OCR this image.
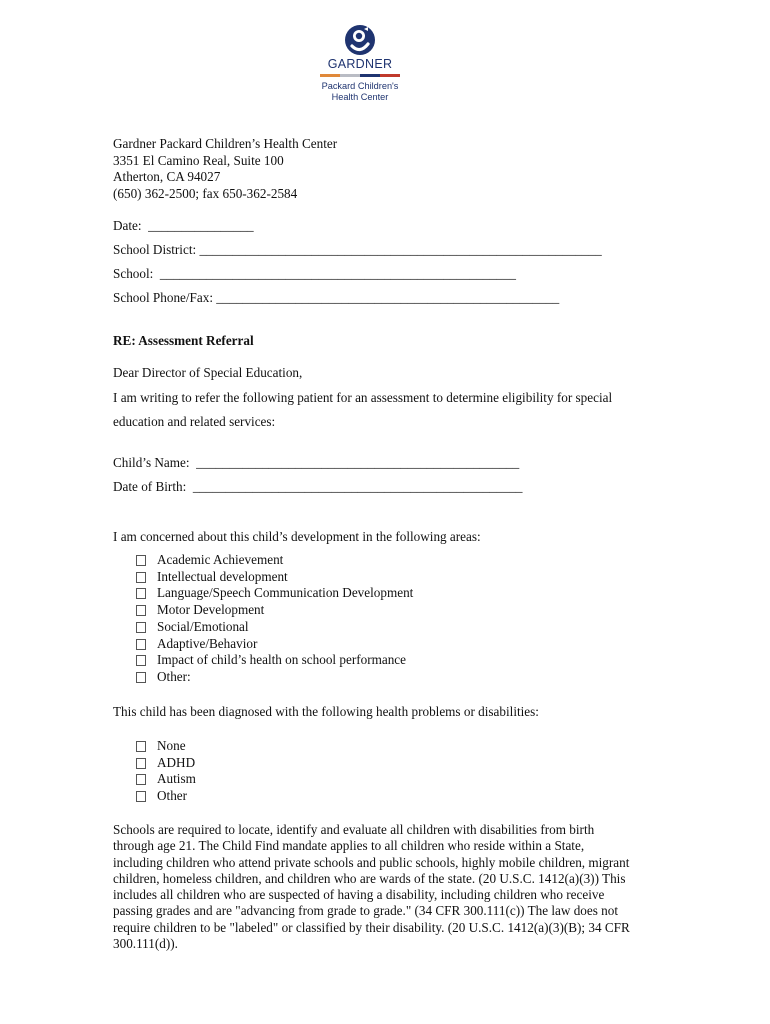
GARDNER
Packard Children's
Health Center
Gardner Packard Children’s Health Center
3351 El Camino Real, Suite 100
Atherton, CA 94027
(650) 362-2500; fax 650-362-2584
Date:  ________________
School District: _____________________________________________________________
School:  ______________________________________________________
School Phone/Fax: ____________________________________________________
RE: Assessment Referral
Dear Director of Special Education,
I am writing to refer the following patient for an assessment to determine eligibility for special
education and related services:
Child’s Name:  _________________________________________________
Date of Birth:  __________________________________________________
I am concerned about this child’s development in the following areas:
Academic Achievement
Intellectual development
Language/Speech Communication Development
Motor Development
Social/Emotional
Adaptive/Behavior
Impact of child’s health on school performance
Other:
This child has been diagnosed with the following health problems or disabilities:
None
ADHD
Autism
Other
Schools are required to locate, identify and evaluate all children with disabilities from birth
through age 21. The Child Find mandate applies to all children who reside within a State,
including children who attend private schools and public schools, highly mobile children, migrant
children, homeless children, and children who are wards of the state. (20 U.S.C. 1412(a)(3)) This
includes all children who are suspected of having a disability, including children who receive
passing grades and are "advancing from grade to grade." (34 CFR 300.111(c)) The law does not
require children to be "labeled" or classified by their disability. (20 U.S.C. 1412(a)(3)(B); 34 CFR
300.111(d)).
